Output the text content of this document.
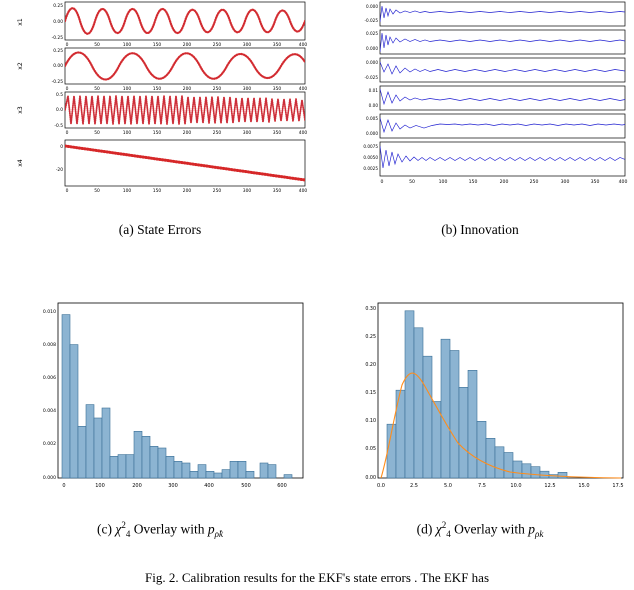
0.25
0.00
-0.25
x1
0	50	100	150	200	250	300	350	400
0.25
0.00
-0.25
x2
0	50	100	150	200	250	300	350	400
0.5
0.0
-0.5
x3
0	50	100	150	200	250	300	350	400
0
-20
x4
0	50	100	150	200	250	300	350	400
(a) State Errors
0.000
-0.025
0.025
0.000
0.000
-0.025
0.01
0.00
0.005
0.000
0.0075
0.0050
0.0025
0	50	100	150	200	250	300	350	400
(b) Innovation
0.010
0.008
0.006
0.004
0.002
0.000
0	100	200	300	400	500	600
(c) $\chi^2_4$ Overlay with $p_{\rhôk}$
0.30
0.25
0.20
0.15
0.10
0.05
0.00
0.0	2.5	5.0	7.5	10.0	12.5	15.0	17.5
(d) $\chi^2_4$ Overlay with $p_{\rho k}$
Fig. 2. Calibration results for the EKF's state errors . The EKF has
